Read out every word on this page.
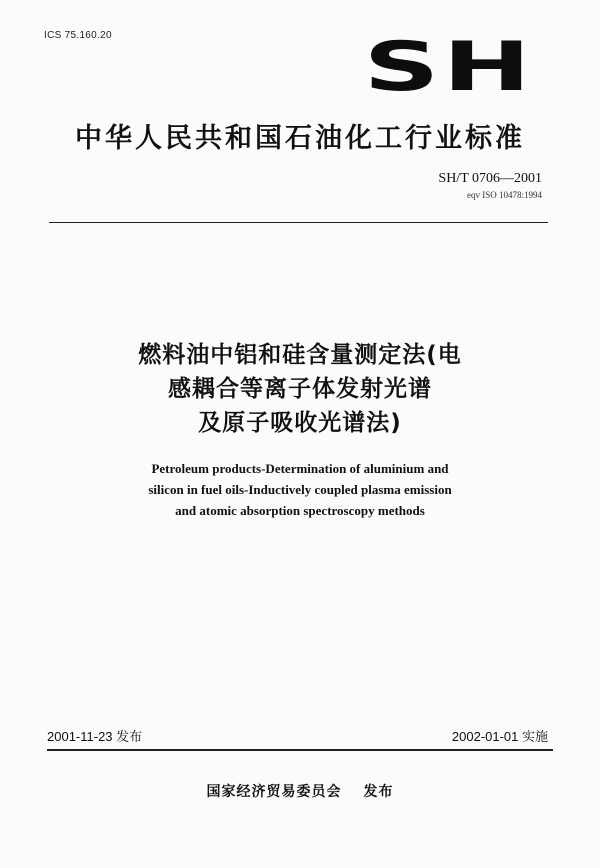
ICS 75.160.20	SH
中华人民共和国石油化工行业标准
SH/T 0706—2001
eqv ISO 10478:1994
燃料油中铝和硅含量测定法(电
感耦合等离子体发射光谱
及原子吸收光谱法)
Petroleum products-Determination of aluminium and
silicon in fuel oils-Inductively coupled plasma emission
and atomic absorption spectroscopy methods
2001-11-23 发布	2002-01-01 实施
国家经济贸易委员会 发布
